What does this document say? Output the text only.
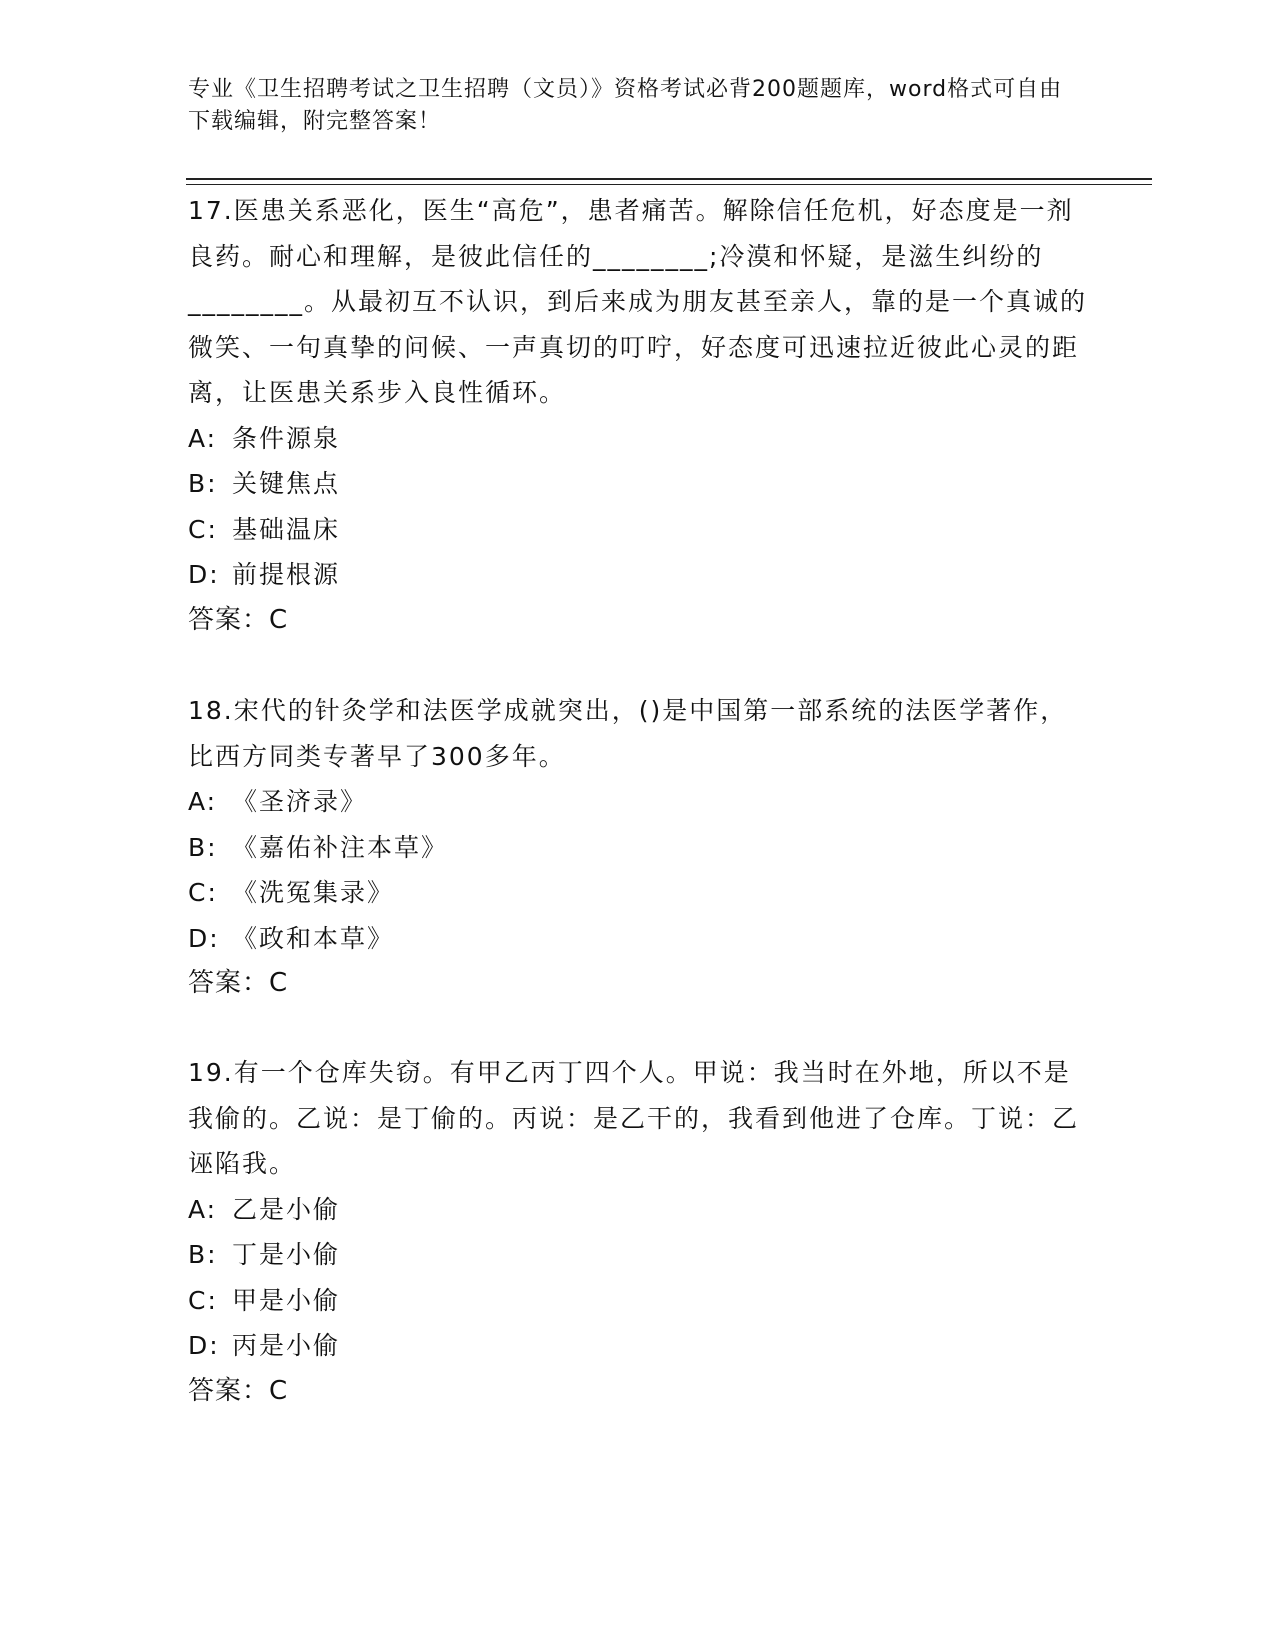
专业《卫生招聘考试之卫生招聘（文员）》资格考试必背200题题库，word格式可自由下载编辑，附完整答案！

17.医患关系恶化，医生“高危”，患者痛苦。解除信任危机，好态度是一剂良药。耐心和理解，是彼此信任的________;冷漠和怀疑，是滋生纠纷的________。从最初互不认识，到后来成为朋友甚至亲人，靠的是一个真诚的微笑、一句真挚的问候、一声真切的叮咛，好态度可迅速拉近彼此心灵的距离，让医患关系步入良性循环。

A: 条件源泉
B: 关键焦点
C: 基础温床
D: 前提根源
答案：C

18.宋代的针灸学和法医学成就突出，()是中国第一部系统的法医学著作，比西方同类专著早了300多年。

A: 《圣济录》
B: 《嘉佑补注本草》
C: 《洗冤集录》
D: 《政和本草》
答案：C

19.有一个仓库失窃。有甲乙丙丁四个人。甲说：我当时在外地，所以不是我偷的。乙说：是丁偷的。丙说：是乙干的，我看到他进了仓库。丁说：乙诬陷我。

A: 乙是小偷
B: 丁是小偷
C: 甲是小偷
D: 丙是小偷
答案：C
